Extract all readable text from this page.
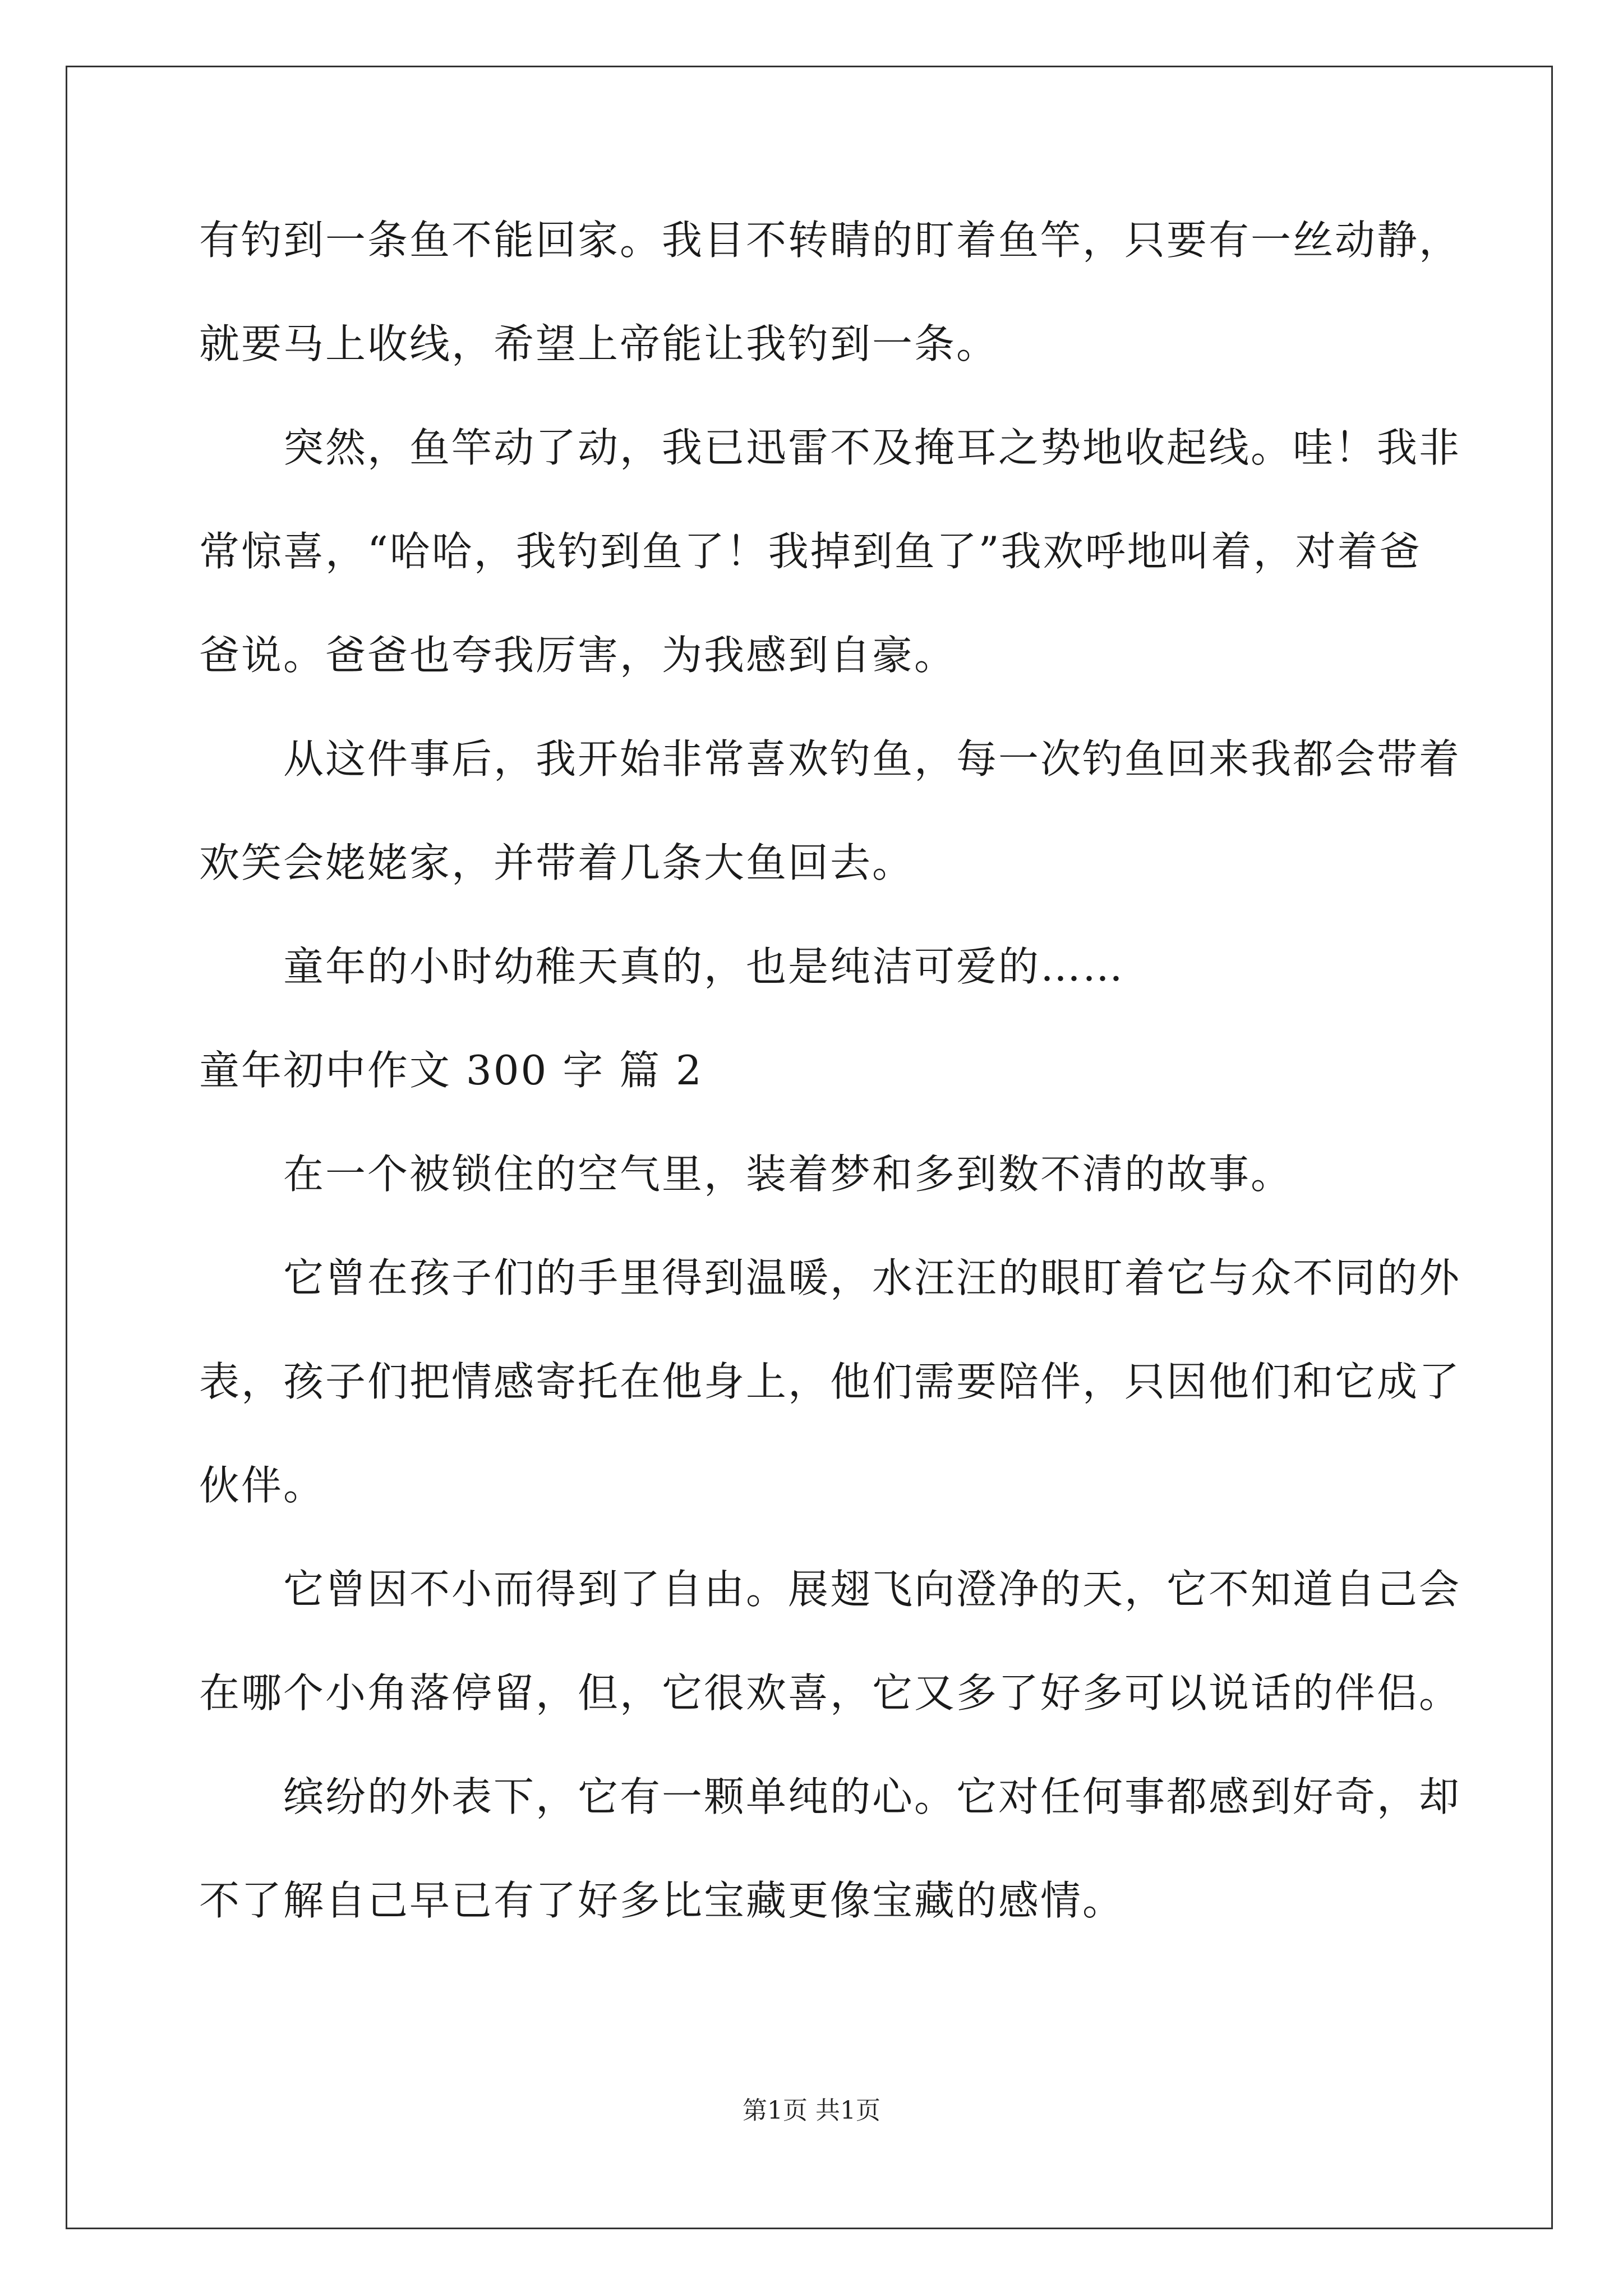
有钓到一条鱼不能回家。我目不转睛的盯着鱼竿，只要有一丝动静，
就要马上收线，希望上帝能让我钓到一条。
突然，鱼竿动了动，我已迅雷不及掩耳之势地收起线。哇！我非
常惊喜，“哈哈，我钓到鱼了！我掉到鱼了”我欢呼地叫着，对着爸
爸说。爸爸也夸我厉害，为我感到自豪。
从这件事后，我开始非常喜欢钓鱼，每一次钓鱼回来我都会带着
欢笑会姥姥家，并带着几条大鱼回去。
童年的小时幼稚天真的，也是纯洁可爱的……
童年初中作文 300 字 篇 2
在一个被锁住的空气里，装着梦和多到数不清的故事。
它曾在孩子们的手里得到温暖，水汪汪的眼盯着它与众不同的外
表，孩子们把情感寄托在他身上，他们需要陪伴，只因他们和它成了
伙伴。
它曾因不小而得到了自由。展翅飞向澄净的天，它不知道自己会
在哪个小角落停留，但，它很欢喜，它又多了好多可以说话的伴侣。
缤纷的外表下，它有一颗单纯的心。它对任何事都感到好奇，却
不了解自己早已有了好多比宝藏更像宝藏的感情。
第1页 共1页
